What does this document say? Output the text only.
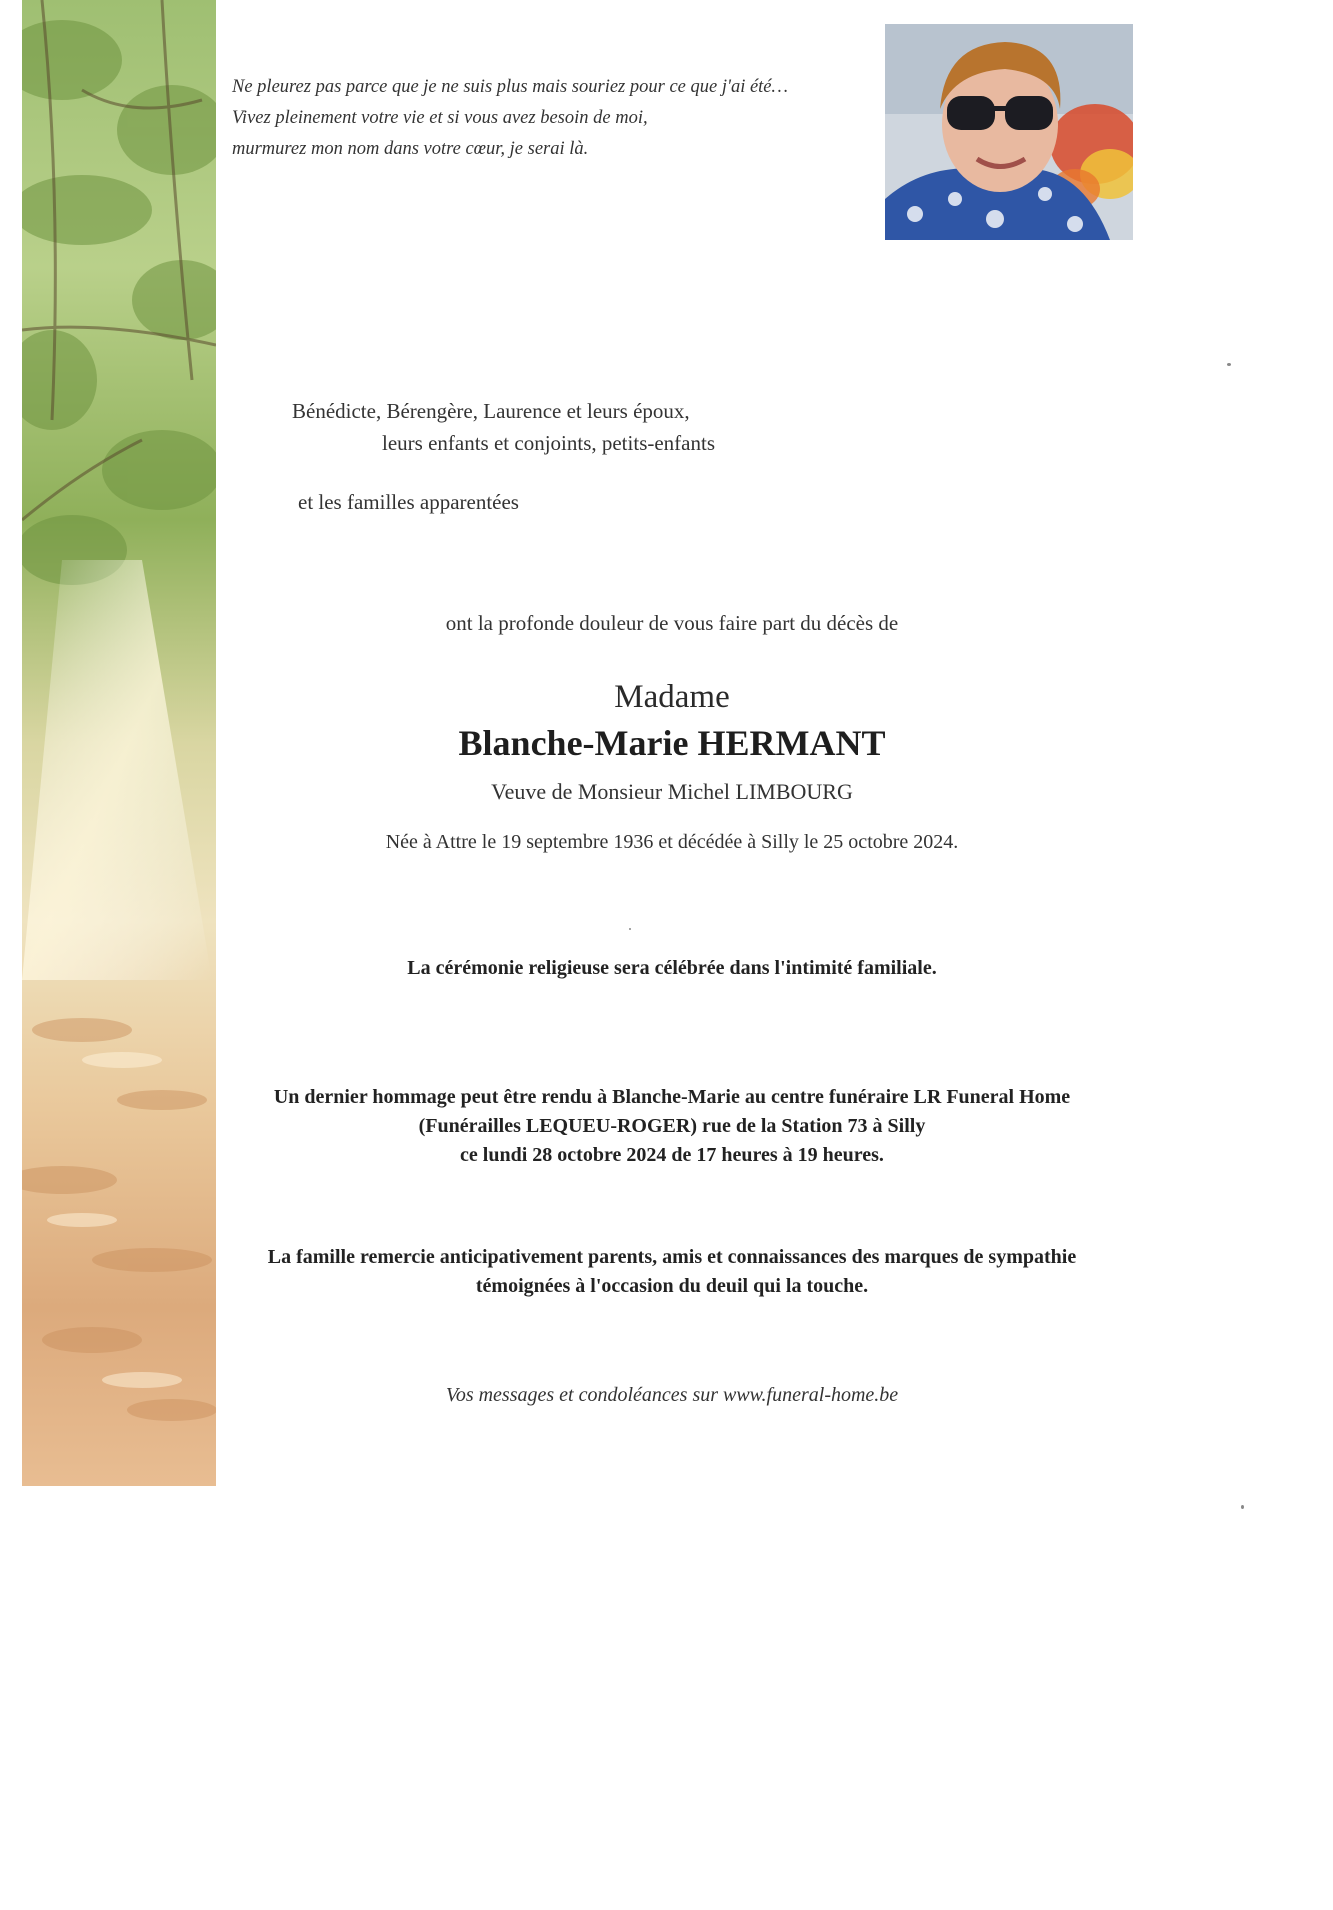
Ne pleurez pas parce que je ne suis plus mais souriez pour ce que j'ai été…
Vivez pleinement votre vie et si vous avez besoin de moi,
murmurez mon nom dans votre cœur, je serai là.
Bénédicte, Bérengère, Laurence et leurs époux,
leurs enfants et conjoints, petits-enfants
et les familles apparentées
ont la profonde douleur de vous faire part du décès de
Madame
Blanche-Marie HERMANT
Veuve de Monsieur Michel LIMBOURG
Née à Attre le 19 septembre 1936 et décédée à Silly le 25 octobre 2024.
La cérémonie religieuse sera célébrée dans l'intimité familiale.
Un dernier hommage peut être rendu à Blanche-Marie au centre funéraire LR Funeral Home
(Funérailles LEQUEU-ROGER) rue de la Station 73 à Silly
ce lundi 28 octobre 2024 de 17 heures à 19 heures.
La famille remercie anticipativement parents, amis et connaissances des marques de sympathie
témoignées à l'occasion du deuil qui la touche.
Vos messages et condoléances sur www.funeral-home.be
